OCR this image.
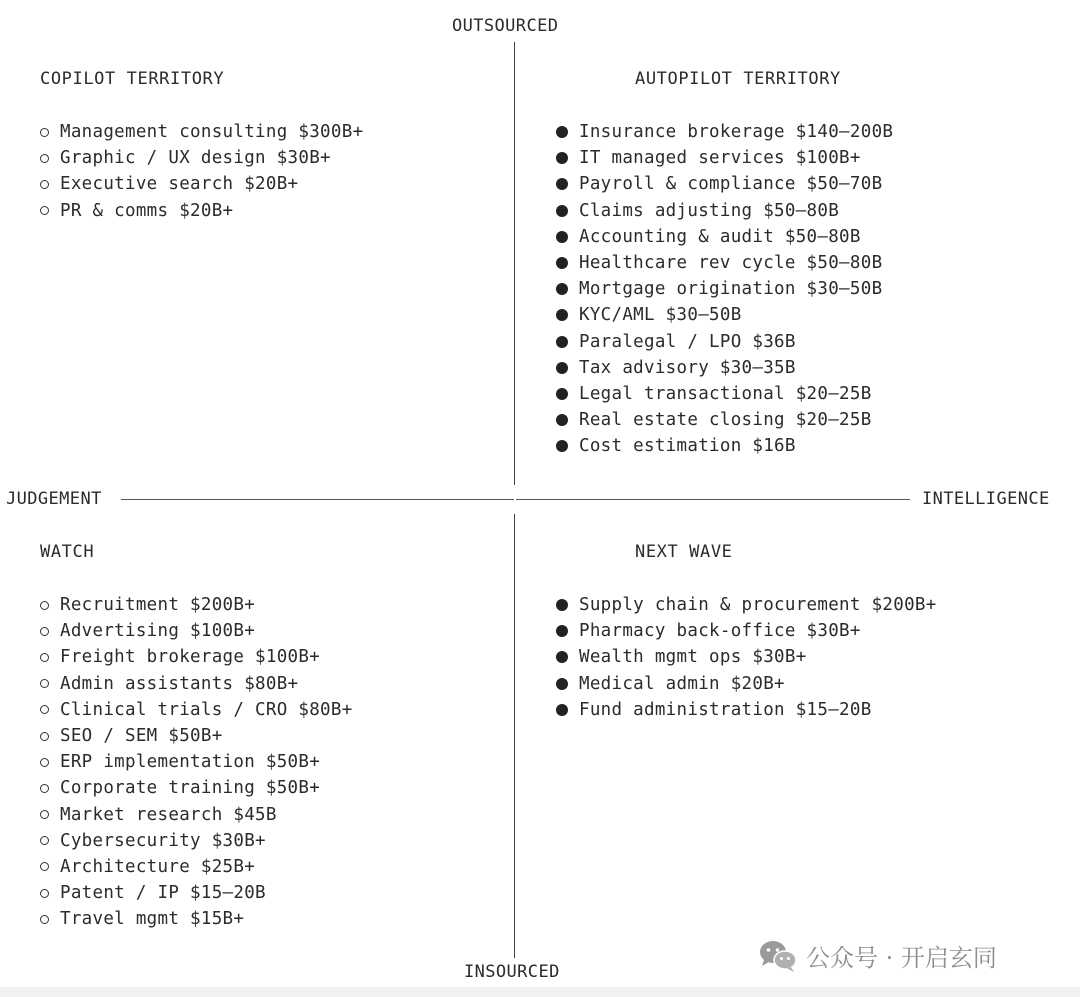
OUTSOURCED
INSOURCED
JUDGEMENT	INTELLIGENCE
COPILOT TERRITORY
Management consulting $300B+
Graphic / UX design $30B+
Executive search $20B+
PR & comms $20B+
AUTOPILOT TERRITORY
Insurance brokerage $140–200B
IT managed services $100B+
Payroll & compliance $50–70B
Claims adjusting $50–80B
Accounting & audit $50–80B
Healthcare rev cycle $50–80B
Mortgage origination $30–50B
KYC/AML $30–50B
Paralegal / LPO $36B
Tax advisory $30–35B
Legal transactional $20–25B
Real estate closing $20–25B
Cost estimation $16B
WATCH
Recruitment $200B+
Advertising $100B+
Freight brokerage $100B+
Admin assistants $80B+
Clinical trials / CRO $80B+
SEO / SEM $50B+
ERP implementation $50B+
Corporate training $50B+
Market research $45B
Cybersecurity $30B+
Architecture $25B+
Patent / IP $15–20B
Travel mgmt $15B+
NEXT WAVE
Supply chain & procurement $200B+
Pharmacy back-office $30B+
Wealth mgmt ops $30B+
Medical admin $20B+
Fund administration $15–20B
公众号 · 开启玄同
